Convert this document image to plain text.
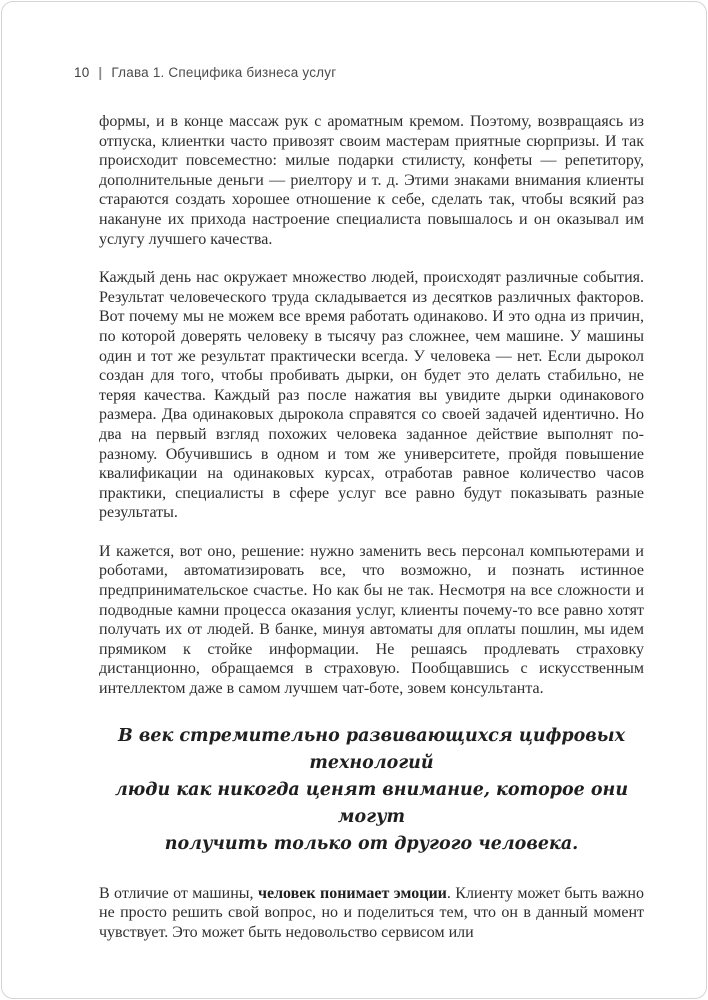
10 | Глава 1. Специфика бизнеса услуг

формы, и в конце массаж рук с ароматным кремом. Поэтому, возвращаясь из отпуска, клиентки часто привозят своим мастерам приятные сюрпризы. И так происходит повсеместно: милые подарки стилисту, конфеты — репетитору, дополнительные деньги — риелтору и т. д. Этими знаками внимания клиенты стараются создать хорошее отношение к себе, сделать так, чтобы всякий раз накануне их прихода настроение специалиста повышалось и он оказывал им услугу лучшего качества.

Каждый день нас окружает множество людей, происходят различные события. Результат человеческого труда складывается из десятков различных факторов. Вот почему мы не можем все время работать одинаково. И это одна из причин, по которой доверять человеку в тысячу раз сложнее, чем машине. У машины один и тот же результат практически всегда. У человека — нет. Если дырокол создан для того, чтобы пробивать дырки, он будет это делать стабильно, не теряя качества. Каждый раз после нажатия вы увидите дырки одинакового размера. Два одинаковых дырокола справятся со своей задачей идентично. Но два на первый взгляд похожих человека заданное действие выполнят по-разному. Обучившись в одном и том же университете, пройдя повышение квалификации на одинаковых курсах, отработав равное количество часов практики, специалисты в сфере услуг все равно будут показывать разные результаты.

И кажется, вот оно, решение: нужно заменить весь персонал компьютерами и роботами, автоматизировать все, что возможно, и познать истинное предпринимательское счастье. Но как бы не так. Несмотря на все сложности и подводные камни процесса оказания услуг, клиенты почему-то все равно хотят получать их от людей. В банке, минуя автоматы для оплаты пошлин, мы идем прямиком к стойке информации. Не решаясь продлевать страховку дистанционно, обращаемся в страховую. Пообщавшись с искусственным интеллектом даже в самом лучшем чат-боте, зовем консультанта.

В век стремительно развивающихся цифровых технологий
люди как никогда ценят внимание, которое они могут
получить только от другого человека.

В отличие от машины, человек понимает эмоции. Клиенту может быть важно не просто решить свой вопрос, но и поделиться тем, что он в данный момент чувствует. Это может быть недовольство сервисом или
